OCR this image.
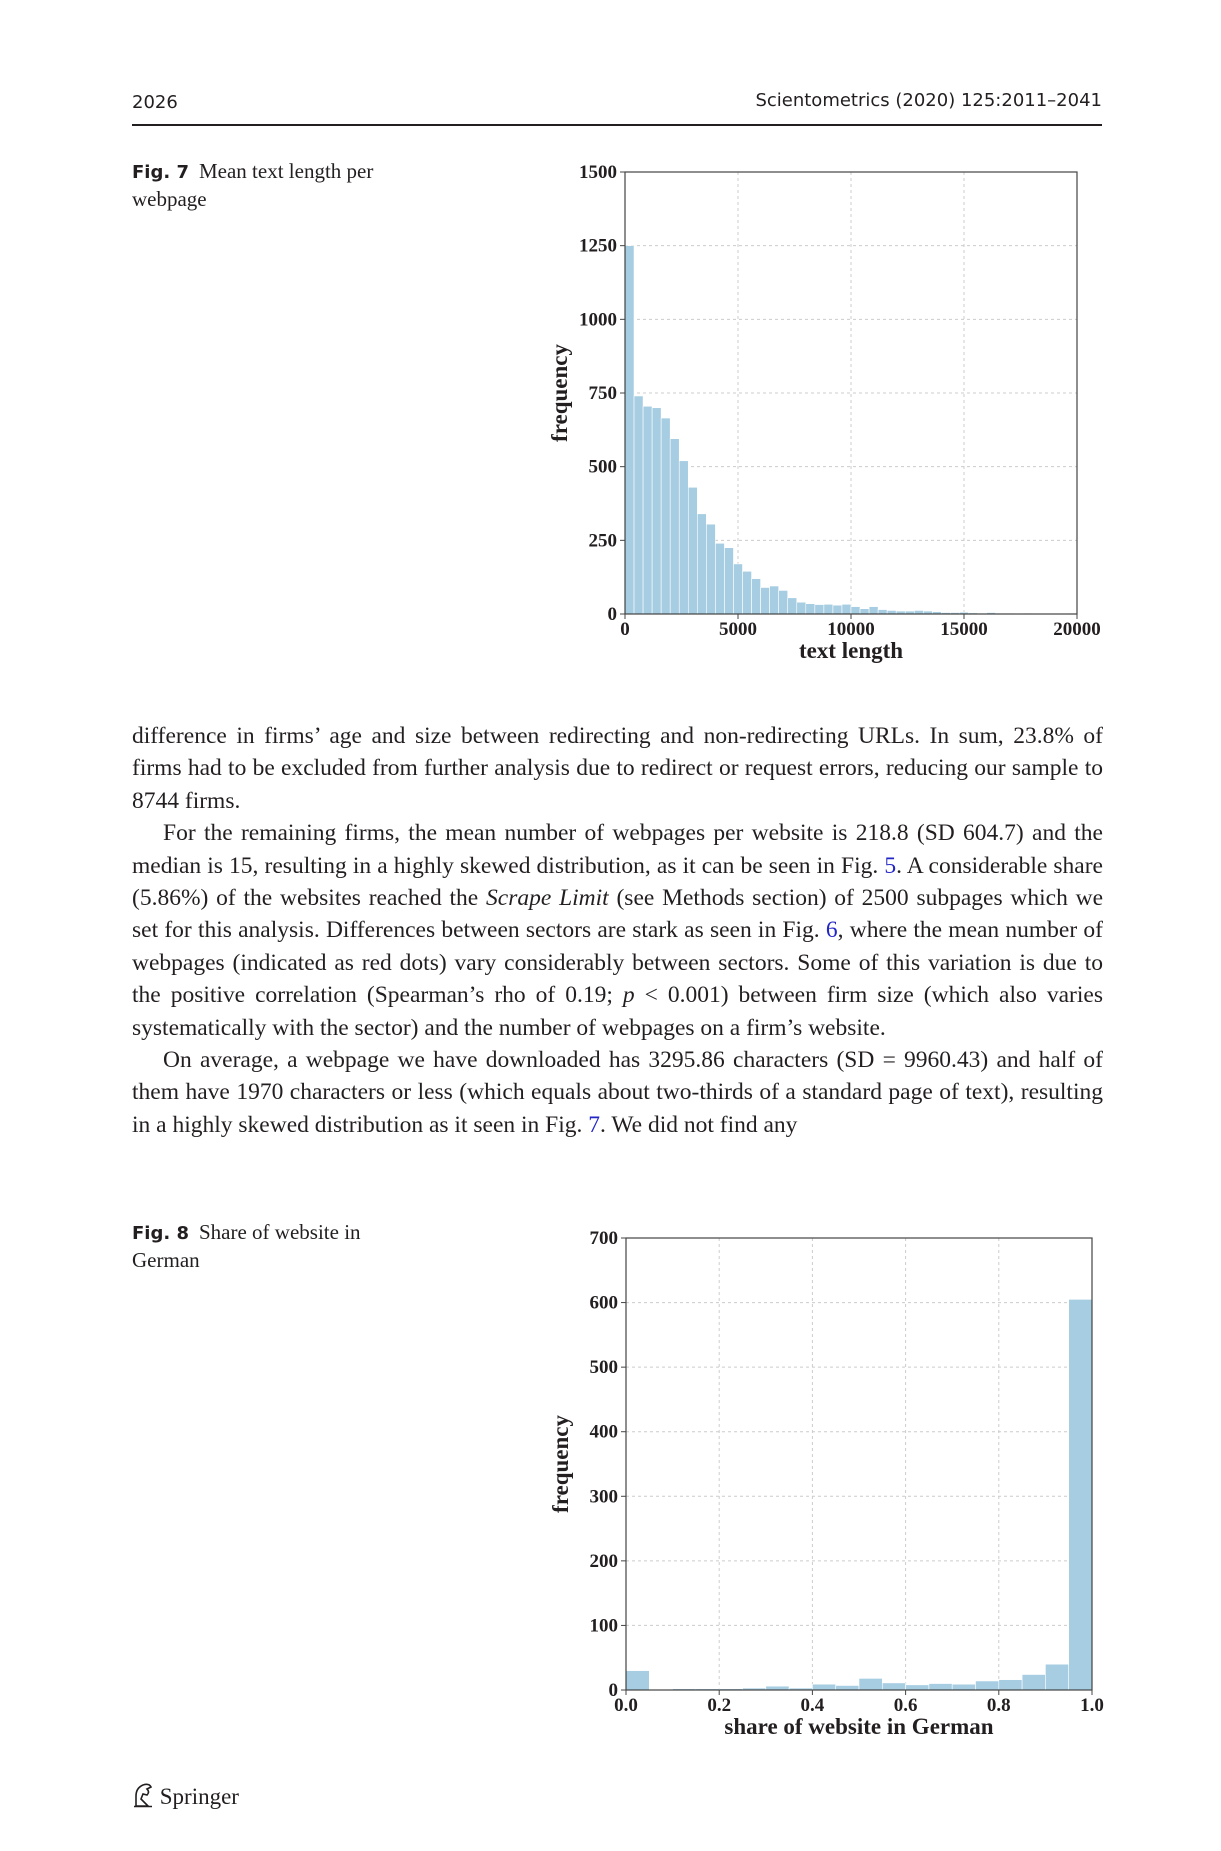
2026	Scientometrics (2020) 125:2011–2041
Fig. 7 Mean text length per webpage
0	5000	10000	15000	20000
0
250
500
750
1000
1250
1500
text length
frequency

difference in firms’ age and size between redirecting and non-redirecting URLs. In sum, 23.8% of firms had to be excluded from further analysis due to redirect or request errors, reducing our sample to 8744 firms.

For the remaining firms, the mean number of webpages per website is 218.8 (SD 604.7) and the median is 15, resulting in a highly skewed distribution, as it can be seen in Fig. 5. A considerable share (5.86%) of the websites reached the Scrape Limit (see Methods section) of 2500 subpages which we set for this analysis. Differences between sectors are stark as seen in Fig. 6, where the mean number of webpages (indicated as red dots) vary considerably between sectors. Some of this variation is due to the positive correlation (Spearman’s rho of 0.19; p < 0.001) between firm size (which also varies systematically with the sector) and the number of webpages on a firm’s website.

On average, a webpage we have downloaded has 3295.86 characters (SD = 9960.43) and half of them have 1970 characters or less (which equals about two-thirds of a standard page of text), resulting in a highly skewed distribution as it seen in Fig. 7. We did not find any

Fig. 8 Share of website in German
0.0	0.2	0.4	0.6	0.8	1.0
0
100
200
300
400
500
600
700
share of website in German
frequency
Springer
